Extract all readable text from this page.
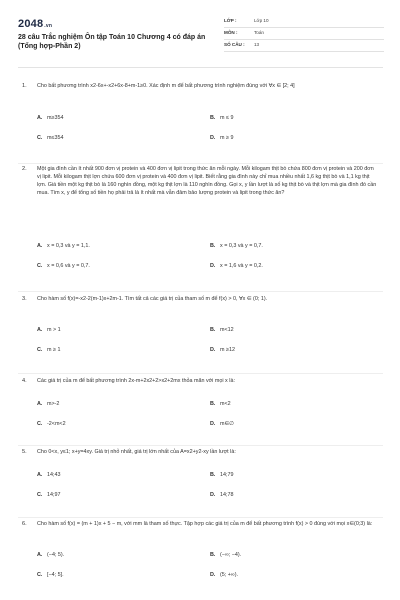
2048.vn
28 câu Trắc nghiệm Ôn tập Toán 10 Chương 4 có đáp án (Tổng hợp-Phần 2)
LỚP :	Lớp 10
MÔN :	Toán
SỐ CÂU :	13
1. Cho bất phương trình x2-6x+-x2+6x-8+m-1≥0. Xác định m để bất phương trình nghiệm đúng với ∀x ∈ [2; 4]
A. m≥354	B. m ≤ 9
C. m≤354	D. m ≥ 9
2. Một gia đình cần ít nhất 900 đơn vị protein và 400 đơn vị lipit trong thức ăn mỗi ngày. Mỗi kilogam thịt bò chứa 800 đơn vị protein và 200 đơn vị lipit. Mỗi kilogam thịt lợn chứa 600 đơn vị protein và 400 đơn vị lipit. Biết rằng gia đình này chỉ mua nhiều nhất 1,6 kg thịt bò và 1,1 kg thịt lợn. Giá tiền một kg thịt bò là 160 nghìn đồng, một kg thịt lợn là 110 nghìn đồng. Gọi x, y lần lượt là số kg thịt bò và thịt lợn mà gia đình đó cần mua. Tìm x, y để tổng số tiền họ phải trả là ít nhất mà vẫn đảm bảo lượng protein và lipit trong thức ăn?
A. x = 0,3 và y = 1,1.	B. x = 0,3 và y = 0,7.
C. x = 0,6 và y = 0,7.	D. x = 1,6 và y = 0,2.
3. Cho hàm số f(x)=-x2-2(m-1)x+2m-1. Tìm tất cả các giá trị của tham số m để f(x) > 0, ∀x ∈ (0; 1).
A. m > 1	B. m<12
C. m ≥ 1	D. m ≥12
4. Các giá trị của m để bất phương trình 2x-m+2x2+2>x2+2mx thỏa mãn với mọi x là:
A. m>-2	B. m<2
C. -2<m<2	D. m∈∅
5. Cho 0<x, y≤1; x+y=4xy. Giá trị nhỏ nhất, giá trị lớn nhất của A=x2+y2-xy lần lượt là:
A. 14;43	B. 14;79
C. 14;97	D. 14;78
6. Cho hàm số f(x) = (m + 1)x + 5 − m, với mm là tham số thực. Tập hợp các giá trị của m để bất phương trình f(x) > 0 đúng với mọi x∈(0;3) là:
A. (−4; 5).	B. (−∞; −4).
C. [−4; 5].	D. (5; +∞).
